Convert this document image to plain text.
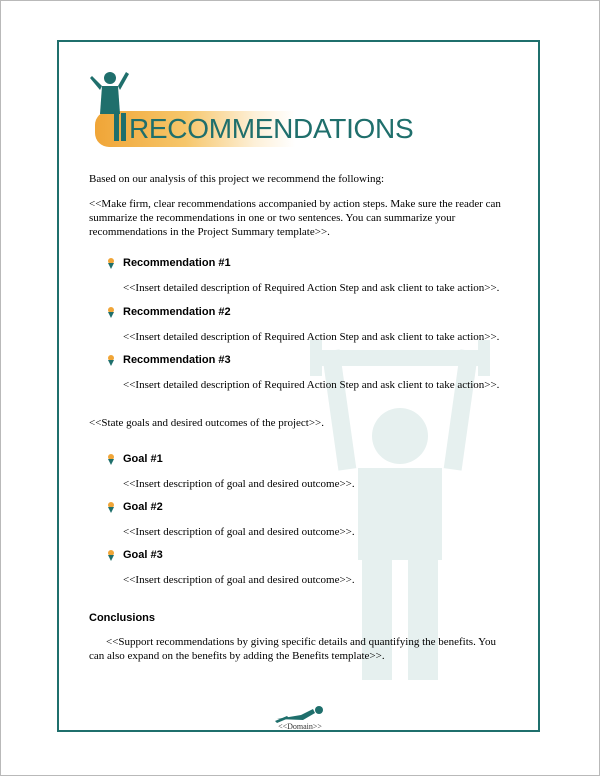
RECOMMENDATIONS
Based on our analysis of this project we recommend the following:
<<Make firm, clear recommendations accompanied by action steps. Make sure the reader can summarize the recommendations in one or two sentences. You can summarize your recommendations in the Project Summary template>>.
Recommendation #1
<<Insert detailed description of Required Action Step and ask client to take action>>.
Recommendation #2
<<Insert detailed description of Required Action Step and ask client to take action>>.
Recommendation #3
<<Insert detailed description of Required Action Step and ask client to take action>>.
<<State goals and desired outcomes of the project>>.
Goal #1
<<Insert description of goal and desired outcome>>.
Goal #2
<<Insert description of goal and desired outcome>>.
Goal #3
<<Insert description of goal and desired outcome>>.
Conclusions
<<Support recommendations by giving specific details and quantifying the benefits. You can also expand on the benefits by adding the Benefits template>>.
<<Domain>>
